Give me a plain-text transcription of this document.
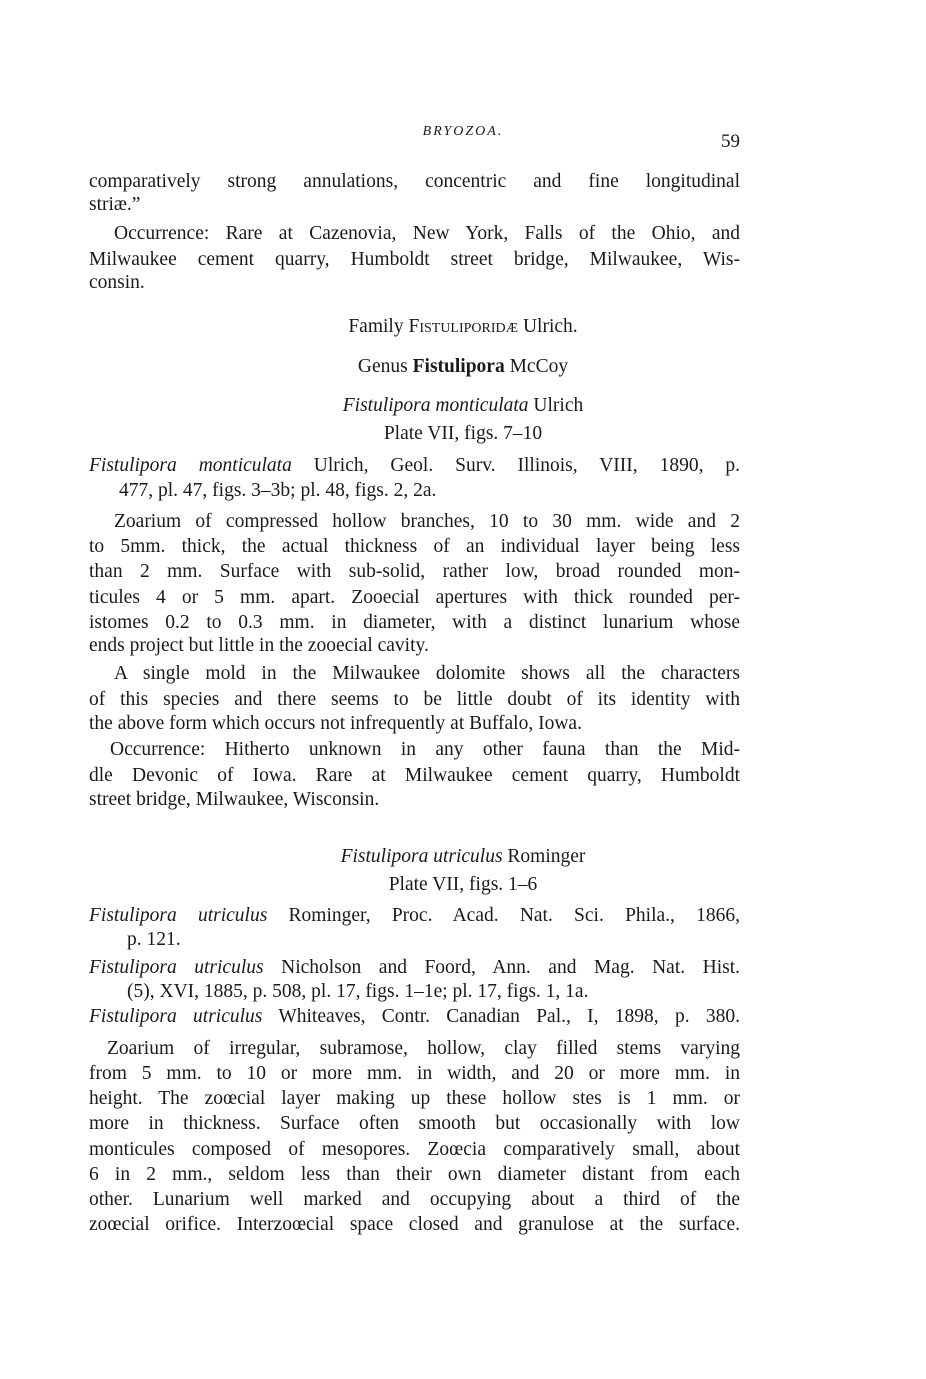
BRYOZOA.	59
comparatively strong annulations, concentric and fine longitudinal
striæ.”
Occurrence: Rare at Cazenovia, New York, Falls of the Ohio, and
Milwaukee cement quarry, Humboldt street bridge, Milwaukee, Wis-
consin.
Family Fistuliporidæ Ulrich.
Genus Fistulipora McCoy
Fistulipora monticulata Ulrich
Plate VII, figs. 7–10
Fistulipora monticulata Ulrich, Geol. Surv. Illinois, VIII, 1890, p.
477, pl. 47, figs. 3–3b; pl. 48, figs. 2, 2a.
Zoarium of compressed hollow branches, 10 to 30 mm. wide and 2
to 5mm. thick, the actual thickness of an individual layer being less
than 2 mm. Surface with sub-solid, rather low, broad rounded mon-
ticules 4 or 5 mm. apart. Zooecial apertures with thick rounded per-
istomes 0.2 to 0.3 mm. in diameter, with a distinct lunarium whose
ends project but little in the zooecial cavity.
A single mold in the Milwaukee dolomite shows all the characters
of this species and there seems to be little doubt of its identity with
the above form which occurs not infrequently at Buffalo, Iowa.
Occurrence: Hitherto unknown in any other fauna than the Mid-
dle Devonic of Iowa. Rare at Milwaukee cement quarry, Humboldt
street bridge, Milwaukee, Wisconsin.
Fistulipora utriculus Rominger
Plate VII, figs. 1–6
Fistulipora utriculus Rominger, Proc. Acad. Nat. Sci. Phila., 1866,
p. 121.
Fistulipora utriculus Nicholson and Foord, Ann. and Mag. Nat. Hist.
(5), XVI, 1885, p. 508, pl. 17, figs. 1–1e; pl. 17, figs. 1, 1a.
Fistulipora utriculus Whiteaves, Contr. Canadian Pal., I, 1898, p. 380.
Zoarium of irregular, subramose, hollow, clay filled stems varying
from 5 mm. to 10 or more mm. in width, and 20 or more mm. in
height. The zoœcial layer making up these hollow stes is 1 mm. or
more in thickness. Surface often smooth but occasionally with low
monticules composed of mesopores. Zoœcia comparatively small, about
6 in 2 mm., seldom less than their own diameter distant from each
other. Lunarium well marked and occupying about a third of the
zoœcial orifice. Interzoœcial space closed and granulose at the surface.
